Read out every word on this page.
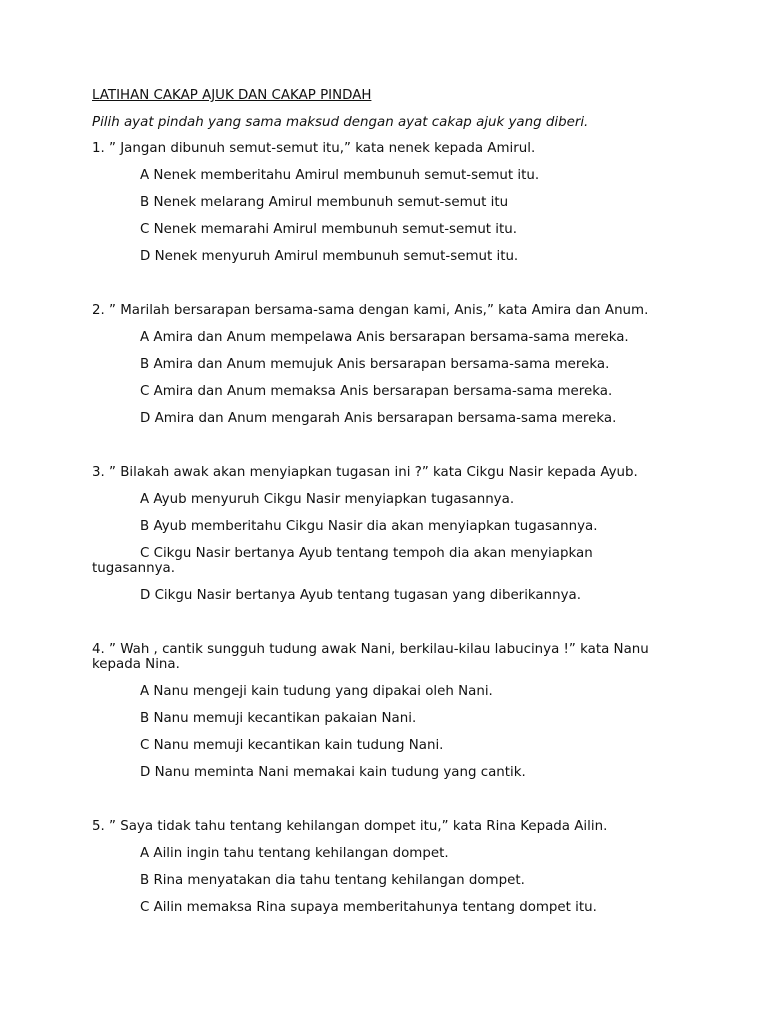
LATIHAN CAKAP AJUK DAN CAKAP PINDAH
Pilih ayat pindah yang sama maksud dengan ayat cakap ajuk yang diberi.
1. ” Jangan dibunuh semut-semut itu,” kata nenek kepada Amirul.
A Nenek memberitahu Amirul membunuh semut-semut itu.
B Nenek melarang Amirul membunuh semut-semut itu
C Nenek memarahi Amirul membunuh semut-semut itu.
D Nenek menyuruh Amirul membunuh semut-semut itu.
2. ” Marilah bersarapan bersama-sama dengan kami, Anis,” kata Amira dan Anum.
A Amira dan Anum mempelawa Anis bersarapan bersama-sama mereka.
B Amira dan Anum memujuk Anis bersarapan bersama-sama mereka.
C Amira dan Anum memaksa Anis bersarapan bersama-sama mereka.
D Amira dan Anum mengarah Anis bersarapan bersama-sama mereka.
3. ” Bilakah awak akan menyiapkan tugasan ini ?” kata Cikgu Nasir kepada Ayub.
A Ayub menyuruh Cikgu Nasir menyiapkan tugasannya.
B Ayub memberitahu Cikgu Nasir dia akan menyiapkan tugasannya.
C Cikgu Nasir bertanya Ayub tentang tempoh dia akan menyiapkan tugasannya.
D Cikgu Nasir bertanya Ayub tentang tugasan yang diberikannya.
4. ” Wah , cantik sungguh tudung awak Nani, berkilau-kilau labucinya !” kata Nanu kepada Nina.
A Nanu mengeji kain tudung yang dipakai oleh Nani.
B Nanu memuji kecantikan pakaian Nani.
C Nanu memuji kecantikan kain tudung Nani.
D Nanu meminta Nani memakai kain tudung yang cantik.
5. ” Saya tidak tahu tentang kehilangan dompet itu,” kata Rina Kepada Ailin.
A Ailin ingin tahu tentang kehilangan dompet.
B Rina menyatakan dia tahu tentang kehilangan dompet.
C Ailin memaksa Rina supaya memberitahunya tentang dompet itu.
